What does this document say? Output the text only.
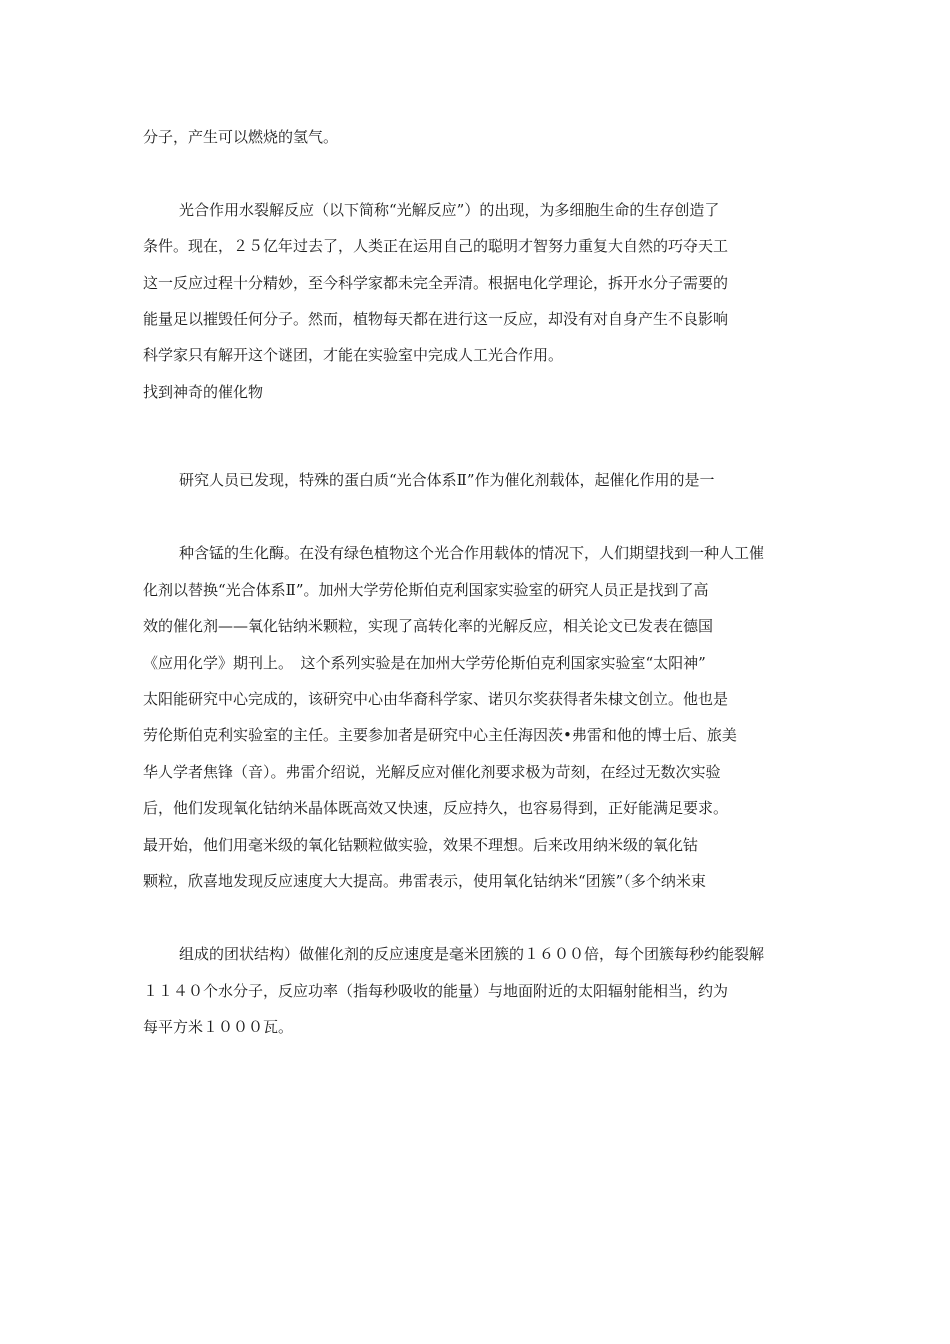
分子，产生可以燃烧的氢气。
光合作用水裂解反应（以下简称“光解反应”）的出现，为多细胞生命的生存创造了
条件。现在，２５亿年过去了，人类正在运用自己的聪明才智努力重复大自然的巧夺天工
这一反应过程十分精妙，至今科学家都未完全弄清。根据电化学理论，拆开水分子需要的
能量足以摧毁任何分子。然而，植物每天都在进行这一反应，却没有对自身产生不良影响
科学家只有解开这个谜团，才能在实验室中完成人工光合作用。
找到神奇的催化物
研究人员已发现，特殊的蛋白质“光合体系Ⅱ”作为催化剂载体，起催化作用的是一
种含锰的生化酶。在没有绿色植物这个光合作用载体的情况下，人们期望找到一种人工催
化剂以替换“光合体系Ⅱ”。加州大学劳伦斯伯克利国家实验室的研究人员正是找到了高
效的催化剂——氧化钴纳米颗粒，实现了高转化率的光解反应，相关论文已发表在德国
《应用化学》期刊上。　这个系列实验是在加州大学劳伦斯伯克利国家实验室“太阳神”
太阳能研究中心完成的，该研究中心由华裔科学家、诺贝尔奖获得者朱棣文创立。他也是
劳伦斯伯克利实验室的主任。主要参加者是研究中心主任海因茨•弗雷和他的博士后、旅美
华人学者焦锋（音）。弗雷介绍说，光解反应对催化剂要求极为苛刻，在经过无数次实验
后，他们发现氧化钴纳米晶体既高效又快速，反应持久，也容易得到，正好能满足要求。
最开始，他们用毫米级的氧化钴颗粒做实验，效果不理想。后来改用纳米级的氧化钴
颗粒，欣喜地发现反应速度大大提高。弗雷表示，使用氧化钴纳米“团簇”（多个纳米束
组成的团状结构）做催化剂的反应速度是毫米团簇的１６００倍，每个团簇每秒约能裂解
１１４０个水分子，反应功率（指每秒吸收的能量）与地面附近的太阳辐射能相当，约为
每平方米１０００瓦。
